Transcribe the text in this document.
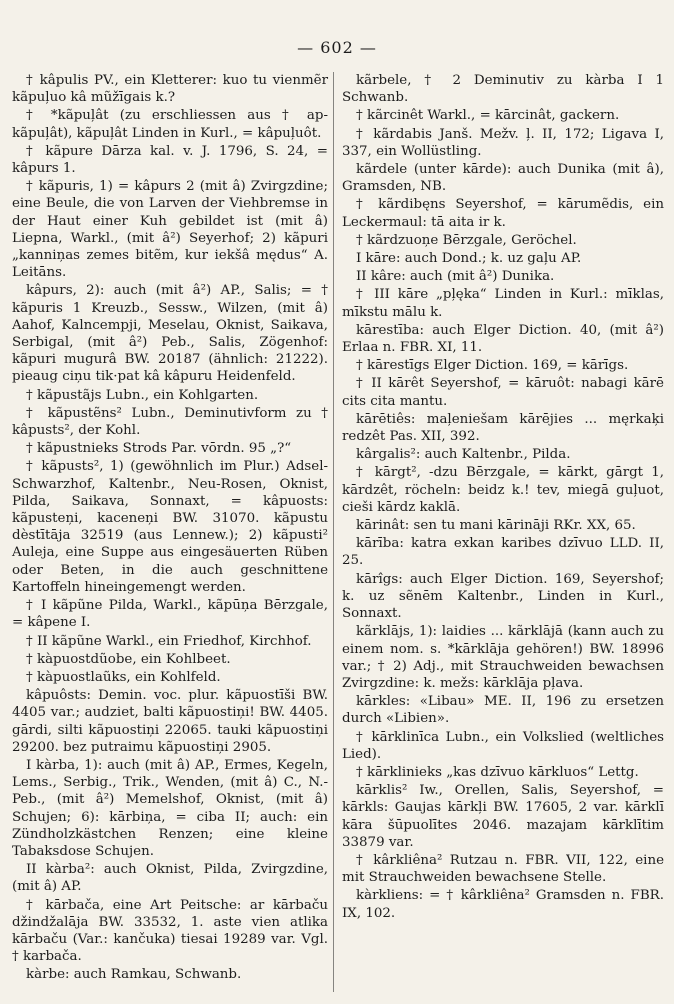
— 602 —

† kâpulis PV., ein Kletterer: kuo tu vienmẽr kãpuļuo kâ mũžīgais k.?

† *kãpuļât (zu erschliessen aus † ap-kãpuļât), kãpuļât Linden in Kurl., = kâpuļuôt.

† kãpure Dārza kal. v. J. 1796, S. 24, = kâpurs 1.

† kãpuris, 1) = kâpurs 2 (mit â) Zvirgzdine; eine Beule, die von Larven der Viehbremse in der Haut einer Kuh gebildet ist (mit â) Liepna, Warkl., (mit â²) Seyerhof; 2) kãpuri „kanniņas zemes bitẽm, kur iekšâ mędus“ A. Leitāns.

kâpurs, 2): auch (mit â²) AP., Salis; = † kãpuris 1 Kreuzb., Sessw., Wilzen, (mit â) Aahof, Kalncempji, Meselau, Oknist, Saikava, Serbigal, (mit â²) Peb., Salis, Zögenhof: kãpuri mugurâ BW. 20187 (ähnlich: 21222). pieaug ciņu tik·pat kâ kâpuru Heidenfeld.

† kãpustãjs Lubn., ein Kohlgarten.

† kãpustẽns² Lubn., Deminutivform zu † kâpusts², der Kohl.

† kãpustnieks Strods Par. vōrdn. 95 „?“

† kãpusts², 1) (gewöhnlich im Plur.) Adsel-Schwarzhof, Kaltenbr., Neu-Rosen, Oknist, Pilda, Saikava, Sonnaxt, = kâpuosts: kãpusteņi, kaceneņi BW. 31070. kãpustu dèstītāja 32519 (aus Lennew.); 2) kãpusti² Auleja, eine Suppe aus eingesäuerten Rüben oder Beten, in die auch geschnittene Kartoffeln hineingemengt werden.

† I kãpũne Pilda, Warkl., kãpūņa Bērzgale, = kâpene I.

† II kãpũne Warkl., ein Friedhof, Kirchhof.

† kàpuostdũobe, ein Kohlbeet.

† kàpuostlaũks, ein Kohlfeld.

kâpuôsts: Demin. voc. plur. kãpuostīši BW. 4405 var.; audziet, balti kãpuostiņi! BW. 4405. gārdi, silti kãpuostiņi 22065. tauki kãpuostiņi 29200. bez putraimu kãpuostiņi 2905.

I kàrba, 1): auch (mit â) AP., Ermes, Kegeln, Lems., Serbig., Trik., Wenden, (mit â) C., N.-Peb., (mit â²) Memelshof, Oknist, (mit â) Schujen; 6): kārbiņa, = ciba II; auch: ein Zündholzkästchen Renzen; eine kleine Tabaksdose Schujen.

II kàrba²: auch Oknist, Pilda, Zvirgzdine, (mit â) AP.

† kārbača, eine Art Peitsche: ar kārbaču džindžalāja BW. 33532, 1. aste vien atlika kārbaču (Var.: kančuka) tiesai 19289 var. Vgl. † karbača.

kàrbe: auch Ramkau, Schwanb.

kãrbele, † 2 Deminutiv zu kàrba I 1 Schwanb.

† kãrcinêt Warkl., = kārcinât, gackern.

† kãrdabis Janš. Mežv. ļ. II, 172; Ligava I, 337, ein Wollüstling.

kãrdele (unter kārde): auch Dunika (mit â), Gramsden, NB.

† kãrdibęns Seyershof, = kārumẽdis, ein Leckermaul: tā aita ir k.

† kãrdzuoņe Bērzgale, Geröchel.

I kāre: auch Dond.; k. uz gaļu AP.

II kâre: auch (mit â²) Dunika.

† III kāre „pļęka“ Linden in Kurl.: mīklas, mīkstu mālu k.

kārestība: auch Elger Diction. 40, (mit â²) Erlaa n. FBR. XI, 11.

† kārestīgs Elger Diction. 169, = kārīgs.

† II kārêt Seyershof, = kāruôt: nabagi kārē cits cita mantu.

kārētiês: maļeniešam kārējies ... męrkaķi redzêt Pas. XII, 392.

kârgalis²: auch Kaltenbr., Pilda.

† kārgt², -dzu Bērzgale, = kārkt, gārgt 1, kārdzêt, röcheln: beidz k.! tev, miegā guļuot, cieši kārdz kaklā.

kārinât: sen tu mani kārināji RKr. XX, 65.

kārība: katra exkan karibes dzīvuo LLD. II, 25.

kārîgs: auch Elger Diction. 169, Seyershof; k. uz sẽnēm Kaltenbr., Linden in Kurl., Sonnaxt.

kãrklājs, 1): laidies ... kãrklājā (kann auch zu einem nom. s. *kārklāja gehören!) BW. 18996 var.; † 2) Adj., mit Strauchweiden bewachsen Zvirgzdine: k. mežs: kārklāja pļava.

kārkles: «Libau» ME. II, 196 zu ersetzen durch «Libien».

† kārklinīca Lubn., ein Volkslied (weltliches Lied).

† kārklinieks „kas dzīvuo kārkluos“ Lettg.

kārklis² Iw., Orellen, Salis, Seyershof, = kārkls: Gaujas kārkļi BW. 17605, 2 var. kārklī kāra šūpuolītes 2046. mazajam kārklītim 33879 var.

† kârkliêna² Rutzau n. FBR. VII, 122, eine mit Strauchweiden bewachsene Stelle.

kàrkliens: = † kârkliêna² Gramsden n. FBR. IX, 102.
